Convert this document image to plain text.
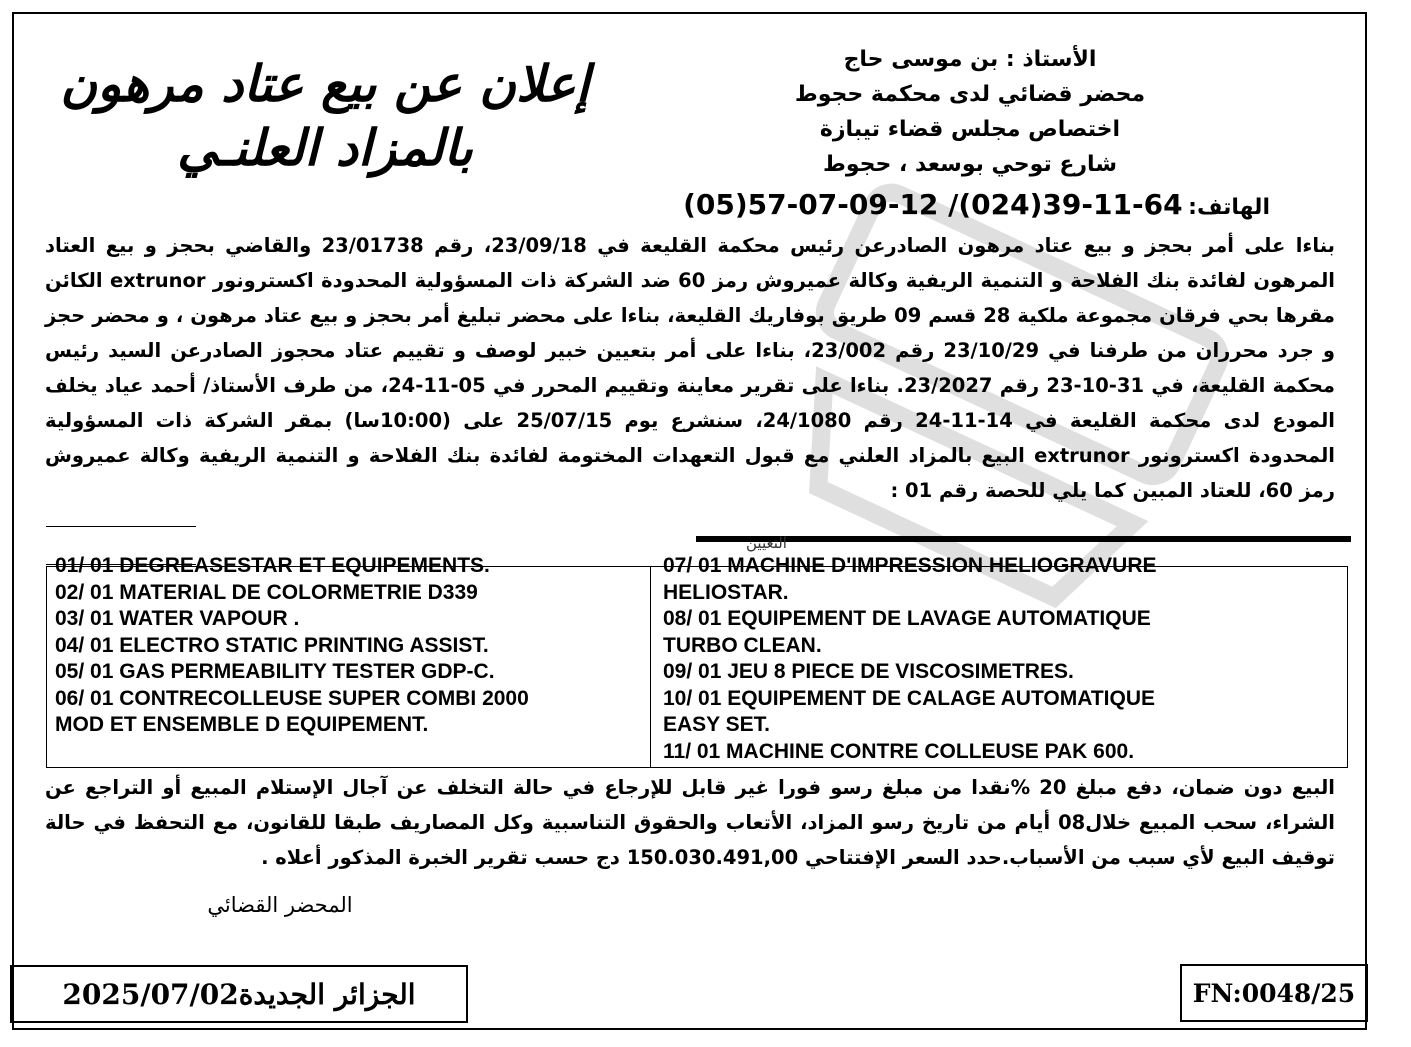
إعلان عن بيع عتاد مرهون
بالمزاد العلنـي
الأستاذ : بن موسى حاج
محضر قضائي لدى محكمة حجوط
اختصاص مجلس قضاء تيبازة
شارع توحي بوسعد ، حجوط
الهاتف: (05)57-07-09-12 /(024)39-11-64
بناءا على أمر بحجز و بيع عتاد مرهون الصادرعن رئيس محكمة القليعة في 23/09/18، رقم 23/01738 والقاضي بحجز و بيع العتاد المرهون لفائدة بنك الفلاحة و التنمية الريفية وكالة عميروش رمز 60 ضد الشركة ذات المسؤولية المحدودة اكسترونور extrunor الكائن مقرها بحي فرقان مجموعة ملكية 28 قسم 09 طريق بوفاريك القليعة، بناءا على محضر تبليغ أمر بحجز و بيع عتاد مرهون ، و محضر حجز و جرد محرران من طرفنا في 23/10/29 رقم 23/002، بناءا على أمر بتعيين خبير لوصف و تقييم عتاد محجوز الصادرعن السيد رئيس محكمة القليعة، في 31-10-23 رقم 23/2027. بناءا على تقرير معاينة وتقييم المحرر في 05-11-24، من طرف الأستاذ/ أحمد عياد يخلف المودع لدى محكمة القليعة في 14-11-24 رقم 24/1080، سنشرع يوم 25/07/15 على (10:00سا) بمقر الشركة ذات المسؤولية المحدودة اكسترونور extrunor البيع بالمزاد العلني مع قبول التعهدات المختومة لفائدة بنك الفلاحة و التنمية الريفية وكالة عميروش رمز 60، للعتاد المبين كما يلي للحصة رقم 01 :
التعيين
01/ 01 DEGREASESTAR ET EQUIPEMENTS.
02/ 01 MATERIAL DE COLORMETRIE D339
03/ 01 WATER VAPOUR .
04/ 01 ELECTRO STATIC PRINTING ASSIST.
05/ 01 GAS PERMEABILITY TESTER GDP-C.
06/ 01 CONTRECOLLEUSE SUPER COMBI 2000
MOD ET ENSEMBLE D EQUIPEMENT.
07/ 01 MACHINE D'IMPRESSION HELIOGRAVURE
HELIOSTAR.
08/ 01 EQUIPEMENT DE LAVAGE AUTOMATIQUE
TURBO CLEAN.
09/ 01 JEU 8 PIECE DE VISCOSIMETRES.
10/ 01 EQUIPEMENT DE CALAGE AUTOMATIQUE
EASY SET.
11/ 01 MACHINE CONTRE COLLEUSE PAK 600.
البيع دون ضمان، دفع مبلغ 20 %نقدا من مبلغ رسو فورا غير قابل للإرجاع في حالة التخلف عن آجال الإستلام المبيع أو التراجع عن الشراء، سحب المبيع خلال08 أيام من تاريخ رسو المزاد، الأتعاب والحقوق التناسبية وكل المصاريف طبقا للقانون، مع التحفظ في حالة توقيف البيع لأي سبب من الأسباب.حدد السعر الإفتتاحي 150.030.491,00 دج حسب تقرير الخبرة المذكور أعلاه .
المحضر القضائي
الجزائر الجديدة2025/07/02	FN:0048/25
